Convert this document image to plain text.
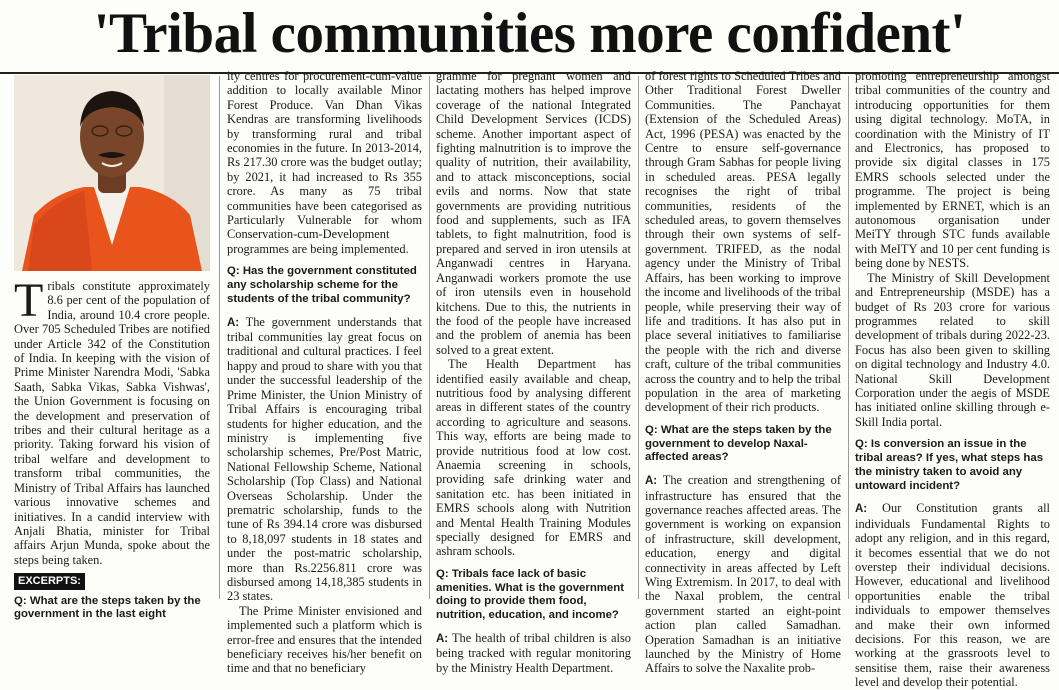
'Tribal communities more confident'

Tribals constitute approximately 8.6 per cent of the population of India, around 10.4 crore people. Over 705 Scheduled Tribes are notified under Article 342 of the Constitution of India. In keeping with the vision of Prime Minister Narendra Modi, 'Sabka Saath, Sabka Vikas, Sabka Vishwas', the Union Government is focusing on the development and preservation of tribes and their cultural heritage as a priority. Taking forward his vision of tribal welfare and development to transform tribal communities, the Ministry of Tribal Affairs has launched various innovative schemes and initiatives. In a candid interview with Anjali Bhatia, minister for Tribal affairs Arjun Munda, spoke about the steps being taken.

EXCERPTS:

Q: What are the steps taken by the government in the last eight

ity centres for procurement-cum-value addition to locally available Minor Forest Produce. Van Dhan Vikas Kendras are transforming livelihoods by transforming rural and tribal economies in the future. In 2013-2014, Rs 217.30 crore was the budget outlay; by 2021, it had increased to Rs 355 crore. As many as 75 tribal communities have been categorised as Particularly Vulnerable for whom Conservation-cum-Development programmes are being implemented.

Q: Has the government constituted any scholarship scheme for the students of the tribal community?

A: The government understands that tribal communities lay great focus on traditional and cultural practices. I feel happy and proud to share with you that under the successful leadership of the Prime Minister, the Union Ministry of Tribal Affairs is encouraging tribal students for higher education, and the ministry is implementing five scholarship schemes, Pre/Post Matric, National Fellowship Scheme, National Scholarship (Top Class) and National Overseas Scholarship. Under the prematric scholarship, funds to the tune of Rs 394.14 crore was disbursed to 8,18,097 students in 18 states and under the post-matric scholarship, more than Rs.2256.811 crore was disbursed among 14,18,385 students in 23 states.

The Prime Minister envisioned and implemented such a platform which is error-free and ensures that the intended beneficiary receives his/her benefit on time and that no beneficiary

gramme for pregnant women and lactating mothers has helped improve coverage of the national Integrated Child Development Services (ICDS) scheme. Another important aspect of fighting malnutrition is to improve the quality of nutrition, their availability, and to attack misconceptions, social evils and norms. Now that state governments are providing nutritious food and supplements, such as IFA tablets, to fight malnutrition, food is prepared and served in iron utensils at Anganwadi centres in Haryana. Anganwadi workers promote the use of iron utensils even in household kitchens. Due to this, the nutrients in the food of the people have increased and the problem of anemia has been solved to a great extent.

The Health Department has identified easily available and cheap, nutritious food by analysing different areas in different states of the country according to agriculture and seasons. This way, efforts are being made to provide nutritious food at low cost. Anaemia screening in schools, providing safe drinking water and sanitation etc. has been initiated in EMRS schools along with Nutrition and Mental Health Training Modules specially designed for EMRS and ashram schools.

Q: Tribals face lack of basic amenities. What is the government doing to provide them food, nutrition, education, and income?

A: The health of tribal children is also being tracked with regular monitoring by the Ministry Health Department.

of forest rights to Scheduled Tribes and Other Traditional Forest Dweller Communities. The Panchayat (Extension of the Scheduled Areas) Act, 1996 (PESA) was enacted by the Centre to ensure self-governance through Gram Sabhas for people living in scheduled areas. PESA legally recognises the right of tribal communities, residents of the scheduled areas, to govern themselves through their own systems of self-government. TRIFED, as the nodal agency under the Ministry of Tribal Affairs, has been working to improve the income and livelihoods of the tribal people, while preserving their way of life and traditions. It has also put in place several initiatives to familiarise the people with the rich and diverse craft, culture of the tribal communities across the country and to help the tribal population in the area of marketing development of their rich products.

Q: What are the steps taken by the government to develop Naxal-affected areas?

A: The creation and strengthening of infrastructure has ensured that the governance reaches affected areas. The government is working on expansion of infrastructure, skill development, education, energy and digital connectivity in areas affected by Left Wing Extremism. In 2017, to deal with the Naxal problem, the central government started an eight-point action plan called Samadhan. Operation Samadhan is an initiative launched by the Ministry of Home Affairs to solve the Naxalite prob-

promoting entrepreneurship amongst tribal communities of the country and introducing opportunities for them using digital technology. MoTA, in coordination with the Ministry of IT and Electronics, has proposed to provide six digital classes in 175 EMRS schools selected under the programme. The project is being implemented by ERNET, which is an autonomous organisation under MeiTY through STC funds available with MeITY and 10 per cent funding is being done by NESTS.

The Ministry of Skill Development and Entrepreneurship (MSDE) has a budget of Rs 203 crore for various programmes related to skill development of tribals during 2022-23. Focus has also been given to skilling on digital technology and Industry 4.0. National Skill Development Corporation under the aegis of MSDE has initiated online skilling through e-Skill India portal.

Q: Is conversion an issue in the tribal areas? If yes, what steps has the ministry taken to avoid any untoward incident?

A: Our Constitution grants all individuals Fundamental Rights to adopt any religion, and in this regard, it becomes essential that we do not overstep their individual decisions. However, educational and livelihood opportunities enable the tribal individuals to empower themselves and make their own informed decisions. For this reason, we are working at the grassroots level to sensitise them, raise their awareness level and develop their potential.
